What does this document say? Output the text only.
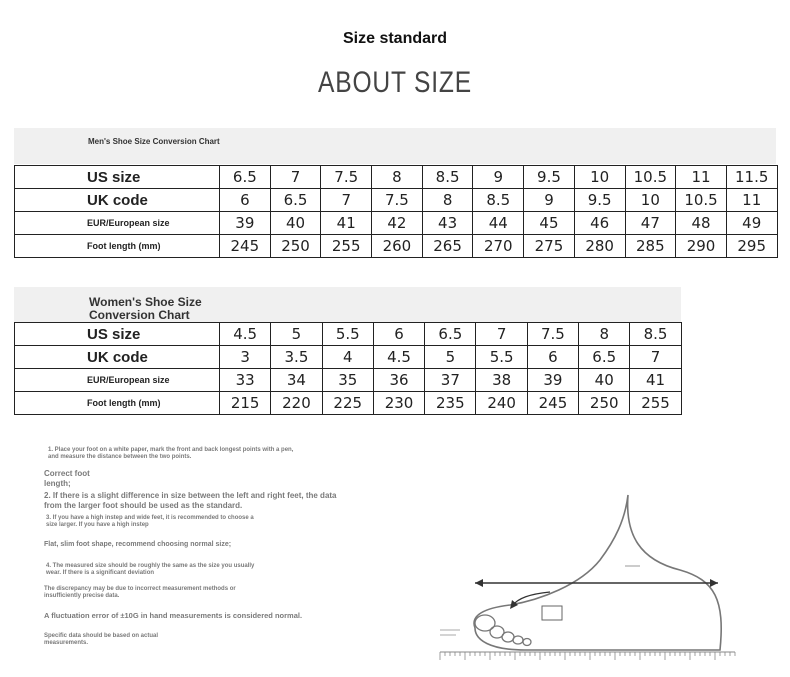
Size standard
ABOUT SIZE
Men's Shoe Size Conversion Chart
US size	6.5	7	7.5	8	8.5	9	9.5	10	10.5	11	11.5
UK code	6	6.5	7	7.5	8	8.5	9	9.5	10	10.5	11
EUR/European size	39	40	41	42	43	44	45	46	47	48	49
Foot length (mm)	245	250	255	260	265	270	275	280	285	290	295
Women's Shoe Size Conversion Chart
US size	4.5	5	5.5	6	6.5	7	7.5	8	8.5
UK code	3	3.5	4	4.5	5	5.5	6	6.5	7
EUR/European size	33	34	35	36	37	38	39	40	41
Foot length (mm)	215	220	225	230	235	240	245	250	255
1. Place your foot on a white paper, mark the front and back longest points with a pen, and measure the distance between the two points.
Correct foot length;
2. If there is a slight difference in size between the left and right feet, the data from the larger foot should be used as the standard.
3. If you have a high instep and wide feet, it is recommended to choose a size larger. If you have a high instep
Flat, slim foot shape, recommend choosing normal size;
4. The measured size should be roughly the same as the size you usually wear. If there is a significant deviation
The discrepancy may be due to incorrect measurement methods or insufficiently precise data.
A fluctuation error of ±10G in hand measurements is considered normal.
Specific data should be based on actual measurements.
